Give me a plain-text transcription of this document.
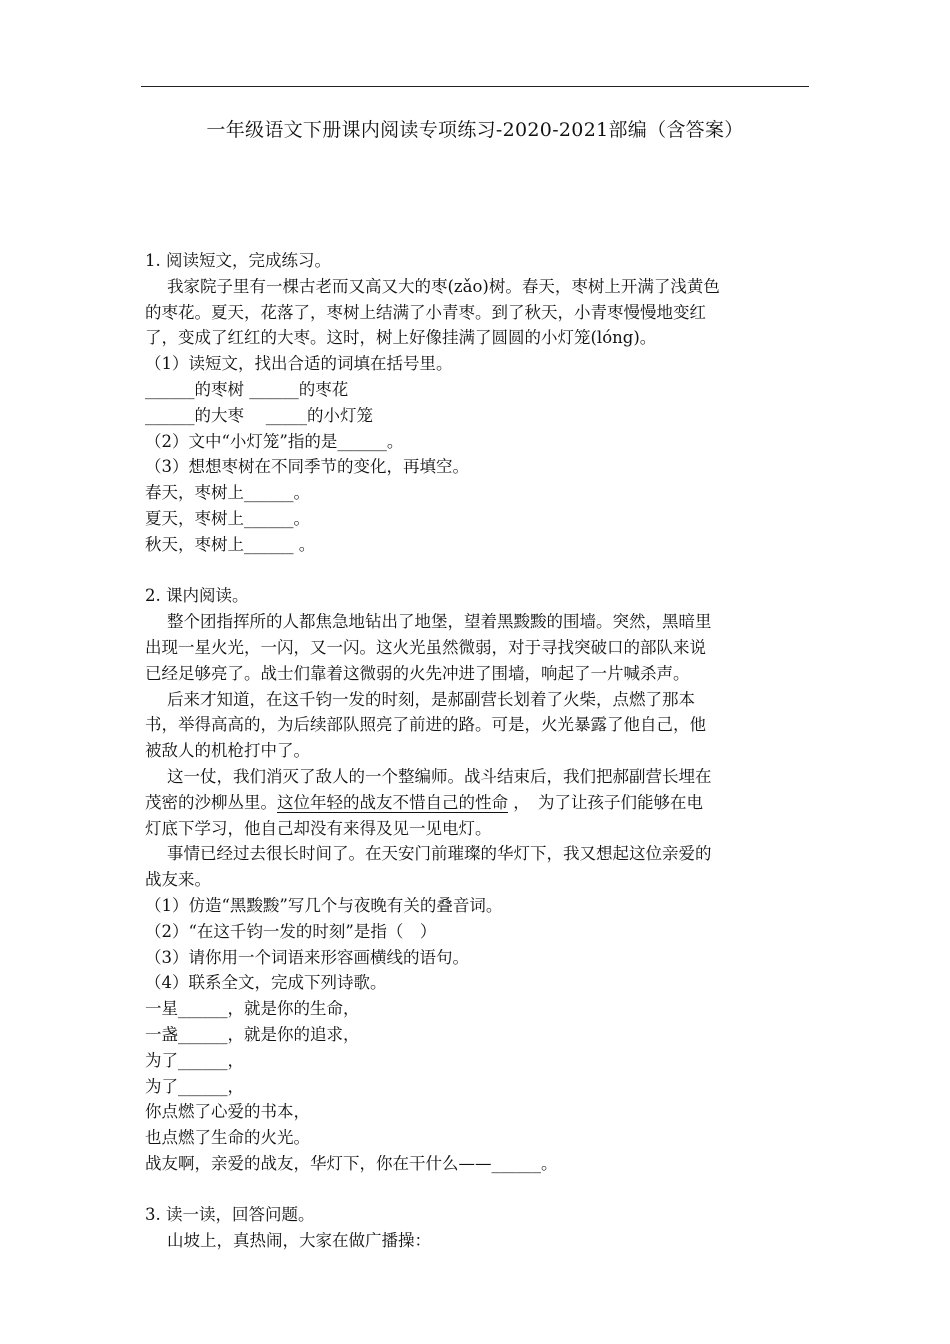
一年级语文下册课内阅读专项练习-2020-2021部编（含答案）
1. 阅读短文，完成练习。
我家院子里有一棵古老而又高又大的枣(zǎo)树。春天，枣树上开满了浅黄色
的枣花。夏天，花落了，枣树上结满了小青枣。到了秋天，小青枣慢慢地变红
了，变成了红红的大枣。这时，树上好像挂满了圆圆的小灯笼(lóng)。
（1）读短文，找出合适的词填在括号里。
______的枣树 ______的枣花
______的大枣　 _____的小灯笼
（2）文中“小灯笼”指的是______。
（3）想想枣树在不同季节的变化，再填空。
春天，枣树上______。
夏天，枣树上______。
秋天，枣树上______ 。
2. 课内阅读。
整个团指挥所的人都焦急地钻出了地堡，望着黑黢黢的围墙。突然，黑暗里
出现一星火光，一闪，又一闪。这火光虽然微弱，对于寻找突破口的部队来说
已经足够亮了。战士们靠着这微弱的火先冲进了围墙，响起了一片喊杀声。
后来才知道，在这千钧一发的时刻，是郝副营长划着了火柴，点燃了那本
书，举得高高的，为后续部队照亮了前进的路。可是，火光暴露了他自己，他
被敌人的机枪打中了。
这一仗，我们消灭了敌人的一个整编师。战斗结束后，我们把郝副营长埋在
茂密的沙柳丛里。这位年轻的战友不惜自己的性命 ，　为了让孩子们能够在电
灯底下学习，他自己却没有来得及见一见电灯。
事情已经过去很长时间了。在天安门前璀璨的华灯下，我又想起这位亲爱的
战友来。
（1）仿造“黑黢黢”写几个与夜晚有关的叠音词。
（2）“在这千钧一发的时刻”是指（　）
（3）请你用一个词语来形容画横线的语句。
（4）联系全文，完成下列诗歌。
一星______，就是你的生命，
一盏______，就是你的追求，
为了______，
为了______，
你点燃了心爱的书本，
也点燃了生命的火光。
战友啊，亲爱的战友，华灯下，你在干什么——______。
3. 读一读，回答问题。
山坡上，真热闹，大家在做广播操：
